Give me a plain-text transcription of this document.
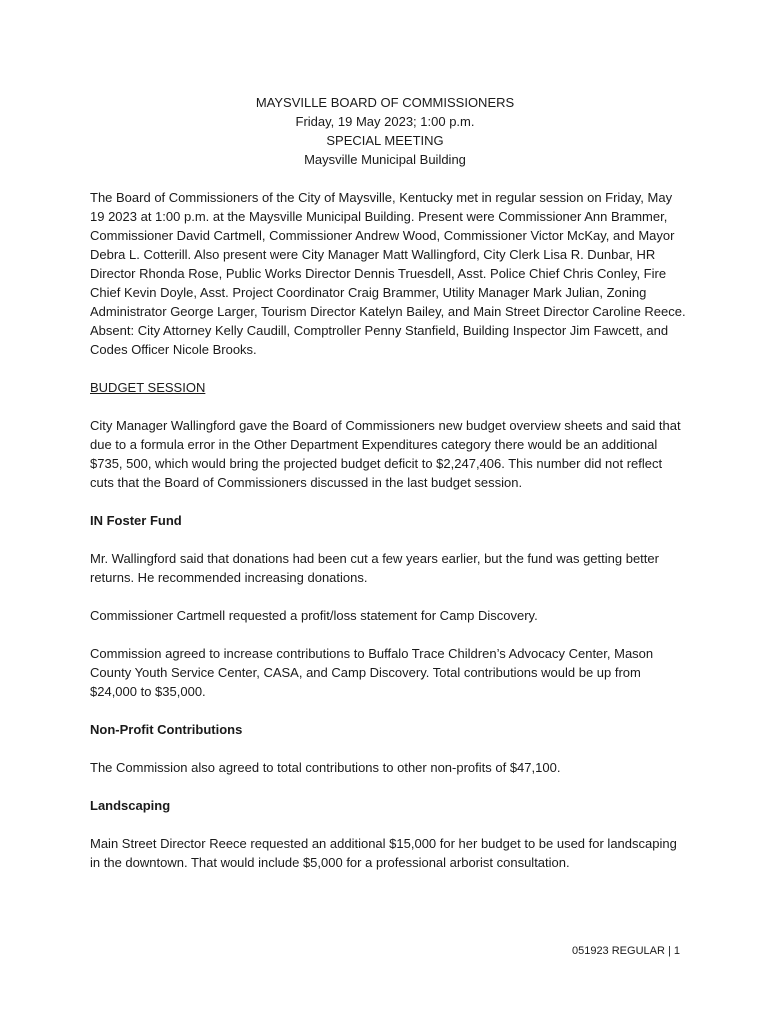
MAYSVILLE BOARD OF COMMISSIONERS
Friday, 19 May 2023; 1:00 p.m.
SPECIAL MEETING
Maysville Municipal Building

The Board of Commissioners of the City of Maysville, Kentucky met in regular session on Friday, May 19 2023 at 1:00 p.m. at the Maysville Municipal Building. Present were Commissioner Ann Brammer, Commissioner David Cartmell, Commissioner Andrew Wood, Commissioner Victor McKay, and Mayor Debra L. Cotterill. Also present were City Manager Matt Wallingford, City Clerk Lisa R. Dunbar, HR Director Rhonda Rose, Public Works Director Dennis Truesdell, Asst. Police Chief Chris Conley, Fire Chief Kevin Doyle, Asst. Project Coordinator Craig Brammer, Utility Manager Mark Julian, Zoning Administrator George Larger, Tourism Director Katelyn Bailey, and Main Street Director Caroline Reece. Absent: City Attorney Kelly Caudill, Comptroller Penny Stanfield, Building Inspector Jim Fawcett, and Codes Officer Nicole Brooks.

BUDGET SESSION

City Manager Wallingford gave the Board of Commissioners new budget overview sheets and said that due to a formula error in the Other Department Expenditures category there would be an additional $735, 500, which would bring the projected budget deficit to $2,247,406. This number did not reflect cuts that the Board of Commissioners discussed in the last budget session.

IN Foster Fund

Mr. Wallingford said that donations had been cut a few years earlier, but the fund was getting better returns. He recommended increasing donations.

Commissioner Cartmell requested a profit/loss statement for Camp Discovery.

Commission agreed to increase contributions to Buffalo Trace Children’s Advocacy Center, Mason County Youth Service Center, CASA, and Camp Discovery. Total contributions would be up from $24,000 to $35,000.

Non-Profit Contributions

The Commission also agreed to total contributions to other non-profits of $47,100.

Landscaping

Main Street Director Reece requested an additional $15,000 for her budget to be used for landscaping in the downtown. That would include $5,000 for a professional arborist consultation.

051923 REGULAR | 1
